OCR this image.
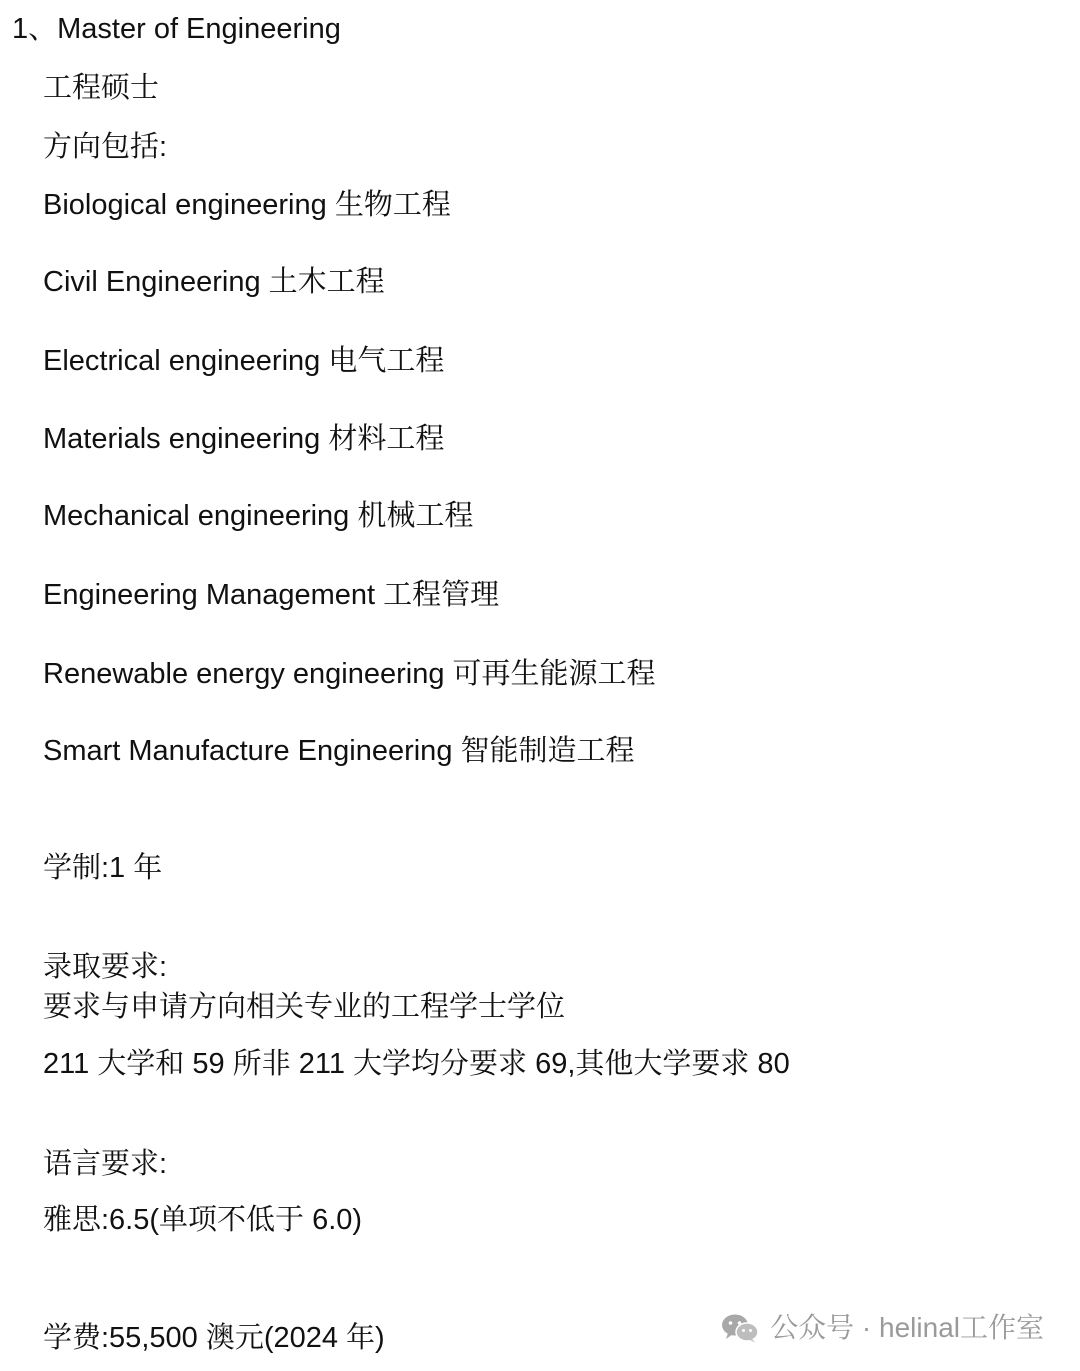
1、Master of Engineering
工程硕士
方向包括:
Biological engineering 生物工程
Civil Engineering 土木工程
Electrical engineering 电气工程
Materials engineering 材料工程
Mechanical engineering 机械工程
Engineering Management 工程管理
Renewable energy engineering 可再生能源工程
Smart Manufacture Engineering 智能制造工程
学制:1 年
录取要求:
要求与申请方向相关专业的工程学士学位
211 大学和 59 所非 211 大学均分要求 69,其他大学要求 80
语言要求:
雅思:6.5(单项不低于 6.0)
学费:55,500 澳元(2024 年)	公众号 · helinal工作室
